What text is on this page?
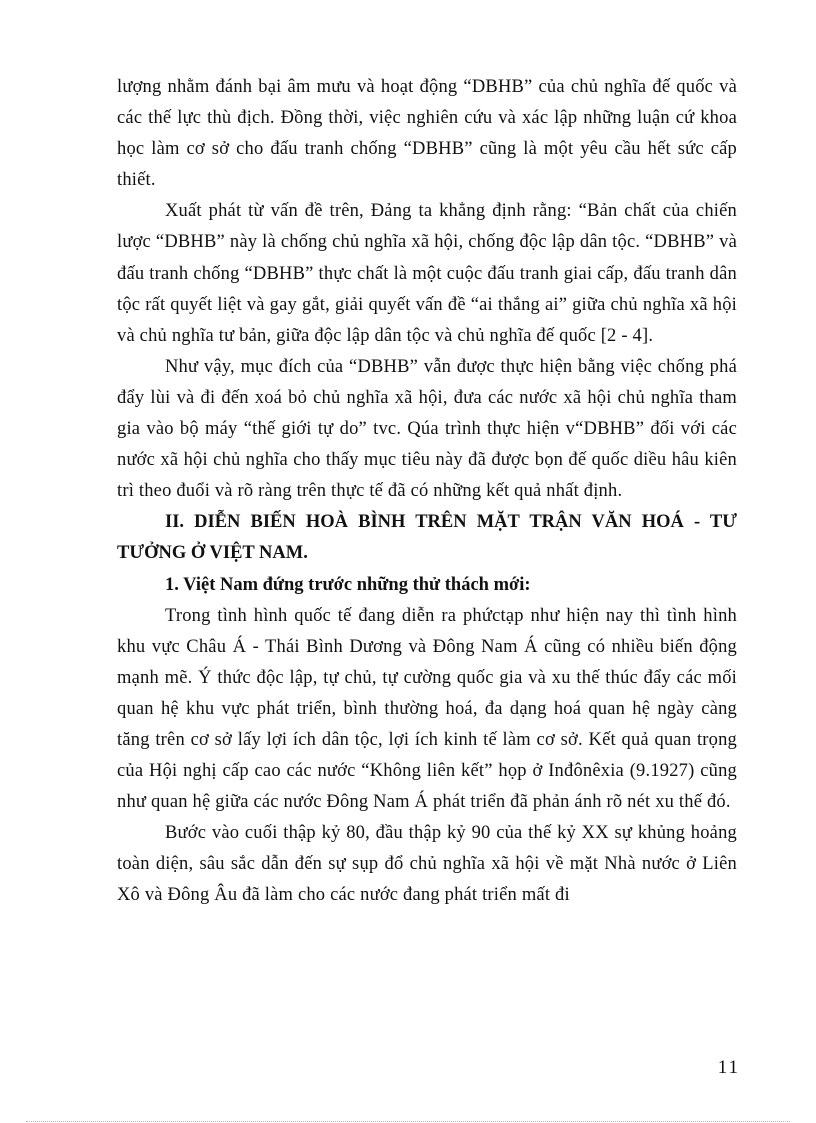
lượng nhằm đánh bại âm mưu và hoạt động “DBHB” của chủ nghĩa đế quốc và các thế lực thù địch. Đồng thời, việc nghiên cứu và xác lập những luận cứ khoa học làm cơ sở cho đấu tranh chống “DBHB” cũng là một yêu cầu hết sức cấp thiết.

Xuất phát từ vấn đề trên, Đảng ta khẳng định rằng: “Bản chất của chiến lược “DBHB” này là chống chủ nghĩa xã hội, chống độc lập dân tộc. “DBHB” và đấu tranh chống “DBHB” thực chất là một cuộc đấu tranh giai cấp, đấu tranh dân tộc rất quyết liệt và gay gắt, giải quyết vấn đề “ai thắng ai” giữa chủ nghĩa xã hội và chủ nghĩa tư bản, giữa độc lập dân tộc và chủ nghĩa đế quốc [2 - 4].

Như vậy, mục đích của “DBHB” vẫn được thực hiện bằng việc chống phá đẩy lùi và đi đến xoá bỏ chủ nghĩa xã hội, đưa các nước xã hội chủ nghĩa tham gia vào bộ máy “thế giới tự do” tvc. Qúa trình thực hiện v“DBHB” đối với các nước xã hội chủ nghĩa cho thấy mục tiêu này đã được bọn đế quốc diều hâu kiên trì theo đuổi và rõ ràng trên thực tế đã có những kết quả nhất định.

II. DIỄN BIẾN HOÀ BÌNH TRÊN MẶT TRẬN VĂN HOÁ - TƯ TƯỞNG Ở VIỆT NAM.

1. Việt Nam đứng trước những thử thách mới:

Trong tình hình quốc tế đang diễn ra phứctạp như hiện nay thì tình hình khu vực Châu Á - Thái Bình Dương và Đông Nam Á cũng có nhiều biến động mạnh mẽ. Ý thức độc lập, tự chủ, tự cường quốc gia và xu thế thúc đẩy các mối quan hệ khu vực phát triển, bình thường hoá, đa dạng hoá quan hệ ngày càng tăng trên cơ sở lấy lợi ích dân tộc, lợi ích kinh tế làm cơ sở. Kết quả quan trọng của Hội nghị cấp cao các nước “Không liên kết” họp ở Inđônêxia (9.1927) cũng như quan hệ giữa các nước Đông Nam Á phát triển đã phản ánh rõ nét xu thế đó.

Bước vào cuối thập kỷ 80, đầu thập kỷ 90 của thế kỷ XX sự khủng hoảng toàn diện, sâu sắc dẫn đến sự sụp đổ chủ nghĩa xã hội về mặt Nhà nước ở Liên Xô và Đông Âu đã làm cho các nước đang phát triển mất đi

11
